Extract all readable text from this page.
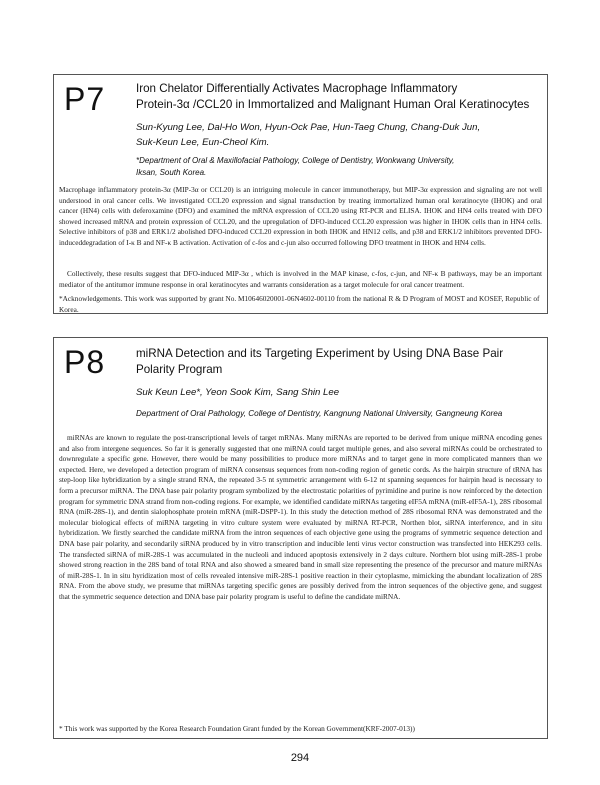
P7	Iron Chelator Differentially Activates Macrophage Inflammatory
Protein-3α /CCL20 in Immortalized and Malignant Human Oral Keratinocytes
Sun-Kyung Lee, Dal-Ho Won, Hyun-Ock Pae, Hun-Taeg Chung, Chang-Duk Jun,
Suk-Keun Lee, Eun-Cheol Kim.
*Department of Oral & Maxillofacial Pathology, College of Dentistry, Wonkwang University,
Iksan, South Korea.

Macrophage inflammatory protein-3α (MIP-3α or CCL20) is an intriguing molecule in cancer immunotherapy, but MIP-3α expression and signaling are not well understood in oral cancer cells. We investigated CCL20 expression and signal transduction by treating immortalized human oral keratinocyte (IHOK) and oral cancer (HN4) cells with deferoxamine (DFO) and examined the mRNA expression of CCL20 using RT-PCR and ELISA. IHOK and HN4 cells treated with DFO showed increased mRNA and protein expression of CCL20, and the upregulation of DFO-induced CCL20 expression was higher in IHOK cells than in HN4 cells. Selective inhibitors of p38 and ERK1/2 abolished DFO-induced CCL20 expression in both IHOK and HN12 cells, and p38 and ERK1/2 inhibitors prevented DFO-induceddegradation of I-κ B and NF-κ B activation. Activation of c-fos and c-jun also occurred following DFO treatment in IHOK and HN4 cells.

Collectively, these results suggest that DFO-induced MIP-3α , which is involved in the MAP kinase, c-fos, c-jun, and NF-κ B pathways, may be an important mediator of the antitumor immune response in oral keratinocytes and warrants consideration as a target molecule for oral cancer treatment.

*Acknowledgements. This work was supported by grant No. M10646020001-06N4602-00110 from the national R & D Program of MOST and KOSEF, Republic of Korea.

P8	miRNA Detection and its Targeting Experiment by Using DNA Base Pair
Polarity Program
Suk Keun Lee*, Yeon Sook Kim, Sang Shin Lee
Department of Oral Pathology, College of Dentistry, Kangnung National University, Gangneung Korea

miRNAs are known to regulate the post-transcriptional levels of target mRNAs. Many miRNAs are reported to be derived from unique miRNA encoding genes and also from intergene sequences. So far it is generally suggested that one miRNA could target multiple genes, and also several miRNAs could be orchestrated to downregulate a specific gene. However, there would be many possibilities to produce more miRNAs and to target gene in more complicated manners than we expected. Here, we developed a detection program of miRNA consensus sequences from non-coding region of genetic cords. As the hairpin structure of tRNA has step-loop like hybridization by a single strand RNA, the repeated 3-5 nt symmetric arrangement with 6-12 nt spanning sequences for hairpin head is necessary to form a precursor miRNA. The DNA base pair polarity program symbolized by the electrostatic polarities of pyrimidine and purine is now reinforced by the detection program for symmetric DNA strand from non-coding regions. For example, we identified candidate miRNAs targeting eIF5A mRNA (miR-eIF5A-1), 28S ribosomal RNA (miR-28S-1), and dentin sialophosphate protein mRNA (miR-DSPP-1). In this study the detection method of 28S ribosomal RNA was demonstrated and the molecular biological effects of miRNA targeting in vitro culture system were evaluated by miRNA RT-PCR, Northen blot, siRNA interference, and in situ hybridization. We firstly searched the candidate miRNA from the intron sequences of each objective gene using the programs of symmetric sequence detection and DNA base pair polarity, and secondarily siRNA produced by in vitro transcription and inducible lenti virus vector construction was transfected into HEK293 cells. The transfected siRNA of miR-28S-1 was accumulated in the nucleoli and induced apoptosis extensively in 2 days culture. Northern blot using miR-28S-1 probe showed strong reaction in the 28S band of total RNA and also showed a smeared band in small size representing the presence of the precursor and mature miRNAs of miR-28S-1. In in situ hyridization most of cells revealed intensive miR-28S-1 positive reaction in their cytoplasme, mimicking the abundant localization of 28S RNA. From the above study, we presume that miRNAs targeting specific genes are possibly derived from the intron sequences of the objective gene, and suggest that the symmetric sequence detection and DNA base pair polarity program is useful to define the candidate miRNA.

* This work was supported by the Korea Research Foundation Grant funded by the Korean Government(KRF-2007-013))

294
